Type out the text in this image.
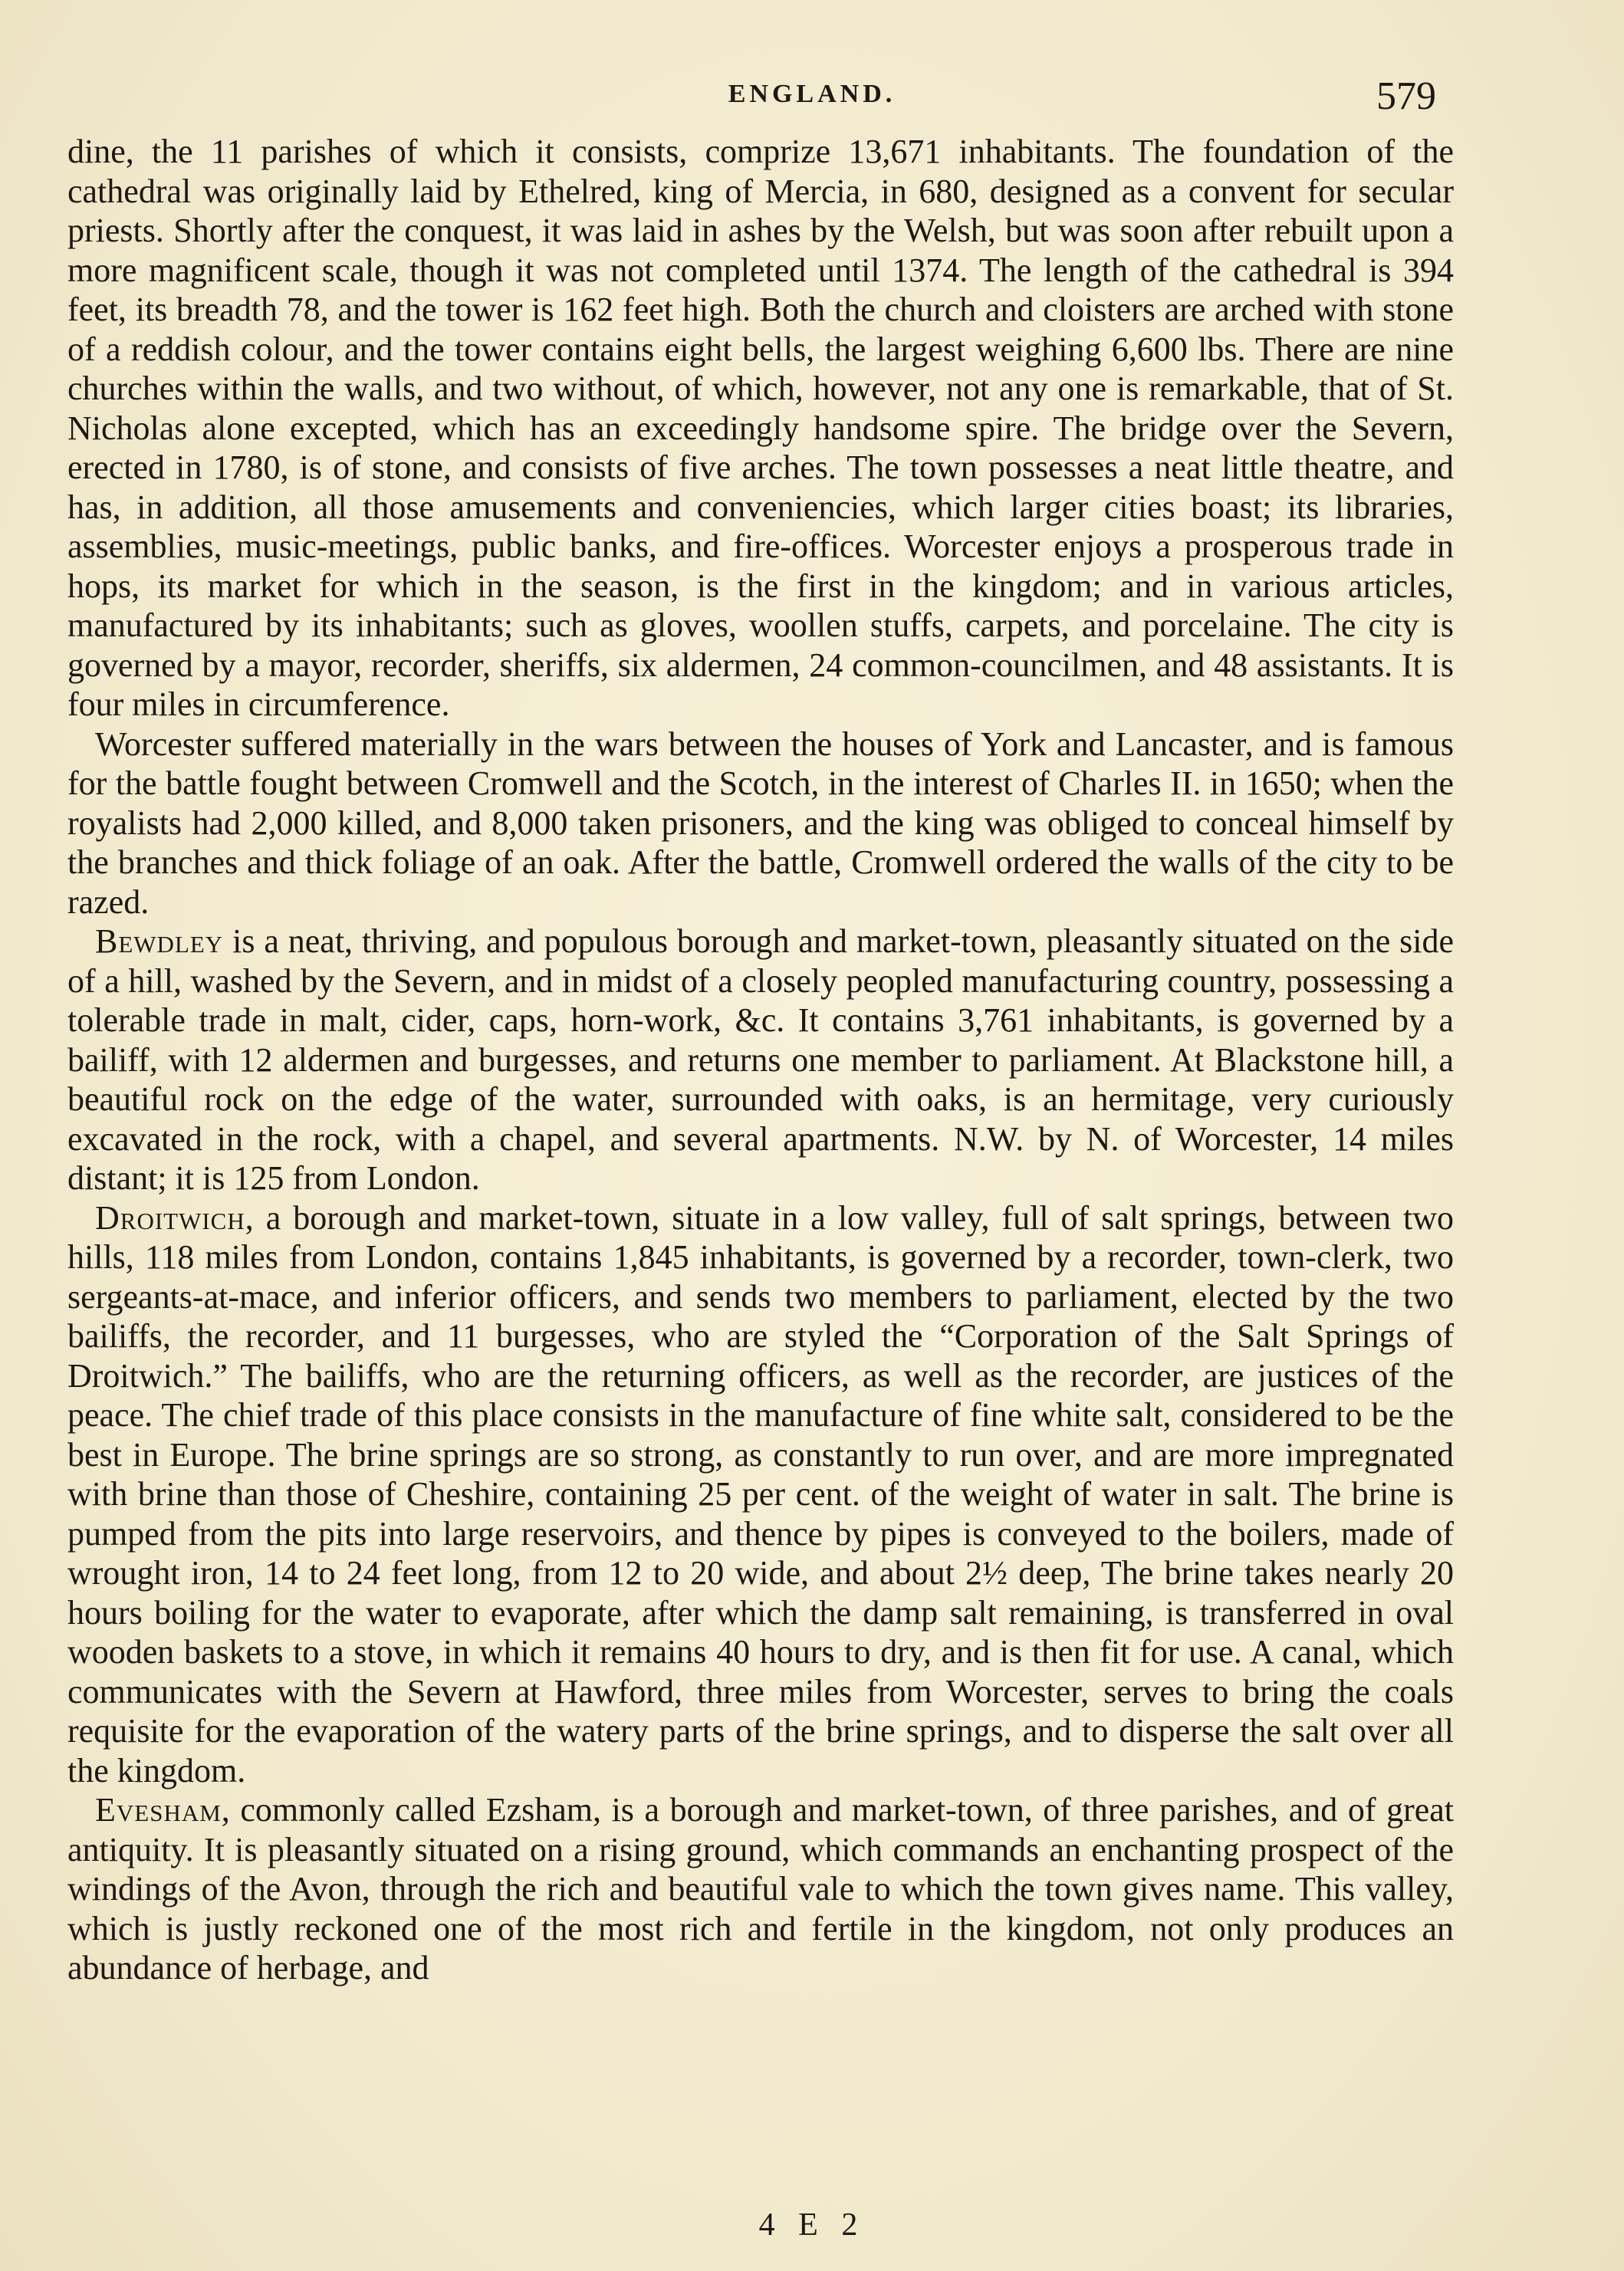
ENGLAND.	579

dine, the 11 parishes of which it consists, comprize 13,671 inhabitants. The foundation of the cathedral was originally laid by Ethelred, king of Mercia, in 680, designed as a convent for secular priests. Shortly after the conquest, it was laid in ashes by the Welsh, but was soon after rebuilt upon a more magnificent scale, though it was not completed until 1374. The length of the cathedral is 394 feet, its breadth 78, and the tower is 162 feet high. Both the church and cloisters are arched with stone of a reddish colour, and the tower contains eight bells, the largest weighing 6,600 lbs. There are nine churches within the walls, and two without, of which, however, not any one is remarkable, that of St. Nicholas alone excepted, which has an exceedingly handsome spire. The bridge over the Severn, erected in 1780, is of stone, and consists of five arches. The town possesses a neat little theatre, and has, in addition, all those amusements and conveniencies, which larger cities boast; its libraries, assemblies, music-meetings, public banks, and fire-offices. Worcester enjoys a prosperous trade in hops, its market for which in the season, is the first in the kingdom; and in various articles, manufactured by its inhabitants; such as gloves, woollen stuffs, carpets, and porcelaine. The city is governed by a mayor, recorder, sheriffs, six aldermen, 24 common-councilmen, and 48 assistants. It is four miles in circumference.

Worcester suffered materially in the wars between the houses of York and Lancaster, and is famous for the battle fought between Cromwell and the Scotch, in the interest of Charles II. in 1650; when the royalists had 2,000 killed, and 8,000 taken prisoners, and the king was obliged to conceal himself by the branches and thick foliage of an oak. After the battle, Cromwell ordered the walls of the city to be razed.

Bewdley is a neat, thriving, and populous borough and market-town, pleasantly situated on the side of a hill, washed by the Severn, and in midst of a closely peopled manufacturing country, possessing a tolerable trade in malt, cider, caps, horn-work, &c. It contains 3,761 inhabitants, is governed by a bailiff, with 12 aldermen and burgesses, and returns one member to parliament. At Blackstone hill, a beautiful rock on the edge of the water, surrounded with oaks, is an hermitage, very curiously excavated in the rock, with a chapel, and several apartments. N.W. by N. of Worcester, 14 miles distant; it is 125 from London.

Droitwich, a borough and market-town, situate in a low valley, full of salt springs, between two hills, 118 miles from London, contains 1,845 inhabitants, is governed by a recorder, town-clerk, two sergeants-at-mace, and inferior officers, and sends two members to parliament, elected by the two bailiffs, the recorder, and 11 burgesses, who are styled the “Corporation of the Salt Springs of Droitwich.” The bailiffs, who are the returning officers, as well as the recorder, are justices of the peace. The chief trade of this place consists in the manufacture of fine white salt, considered to be the best in Europe. The brine springs are so strong, as constantly to run over, and are more impregnated with brine than those of Cheshire, containing 25 per cent. of the weight of water in salt. The brine is pumped from the pits into large reservoirs, and thence by pipes is conveyed to the boilers, made of wrought iron, 14 to 24 feet long, from 12 to 20 wide, and about 2½ deep, The brine takes nearly 20 hours boiling for the water to evaporate, after which the damp salt remaining, is transferred in oval wooden baskets to a stove, in which it remains 40 hours to dry, and is then fit for use. A canal, which communicates with the Severn at Hawford, three miles from Worcester, serves to bring the coals requisite for the evaporation of the watery parts of the brine springs, and to disperse the salt over all the kingdom.

Evesham, commonly called Ezsham, is a borough and market-town, of three parishes, and of great antiquity. It is pleasantly situated on a rising ground, which commands an enchanting prospect of the windings of the Avon, through the rich and beautiful vale to which the town gives name. This valley, which is justly reckoned one of the most rich and fertile in the kingdom, not only produces an abundance of herbage, and

4 E 2
